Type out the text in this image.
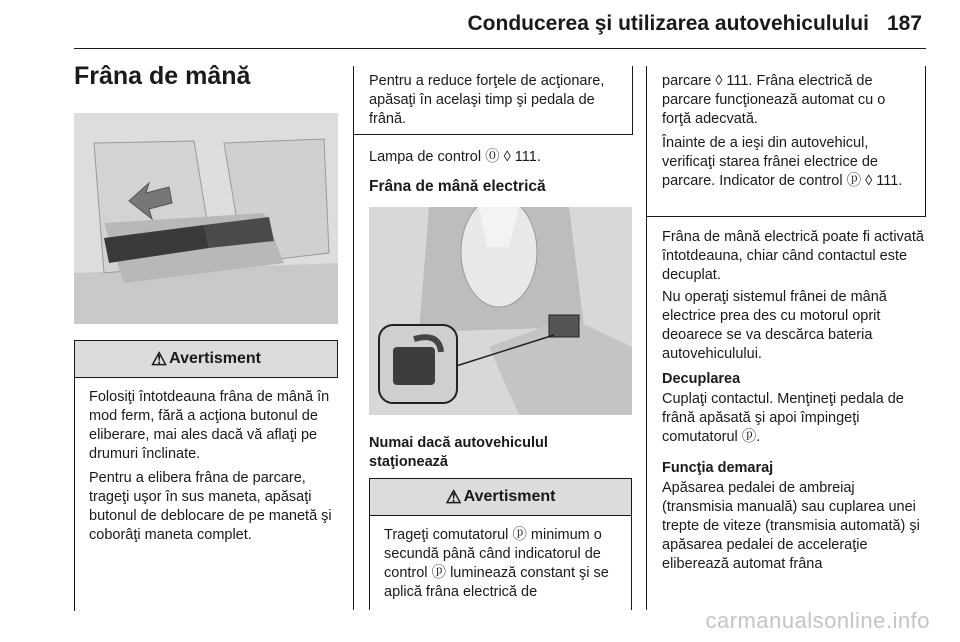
Conducerea şi utilizarea autovehiculului 187
Frâna de mână
⚠ Avertisment
Folosiţi întotdeauna frâna de mână în mod ferm, fără a acţiona butonul de eliberare, mai ales dacă vă aflaţi pe drumuri înclinate.
Pentru a elibera frâna de parcare, trageţi uşor în sus maneta, apăsaţi butonul de deblocare de pe manetă şi coborâţi maneta complet.
Pentru a reduce forţele de acţionare, apăsaţi în acelaşi timp şi pedala de frână.
Lampa de control ⓪ ◊ 111.
Frâna de mână electrică
Numai dacă autovehiculul staţionează
⚠ Avertisment
Trageţi comutatorul ⓟ minimum o secundă până când indicatorul de control ⓟ luminează constant şi se aplică frâna electrică de
parcare ◊ 111. Frâna electrică de parcare funcţionează automat cu o forţă adecvată.
Înainte de a ieşi din autovehicul, verificaţi starea frânei electrice de parcare. Indicator de control ⓟ ◊ 111.
Frâna de mână electrică poate fi activată întotdeauna, chiar când contactul este decuplat.
Nu operaţi sistemul frânei de mână electrice prea des cu motorul oprit deoarece se va descărca bateria autovehiculului.
Decuplarea
Cuplaţi contactul. Menţineţi pedala de frână apăsată şi apoi împingeţi comutatorul ⓟ.
Funcţia demaraj
Apăsarea pedalei de ambreiaj (transmisia manuală) sau cuplarea unei trepte de viteze (transmisia automată) şi apăsarea pedalei de acceleraţie eliberează automat frâna
carmanualsonline.info
